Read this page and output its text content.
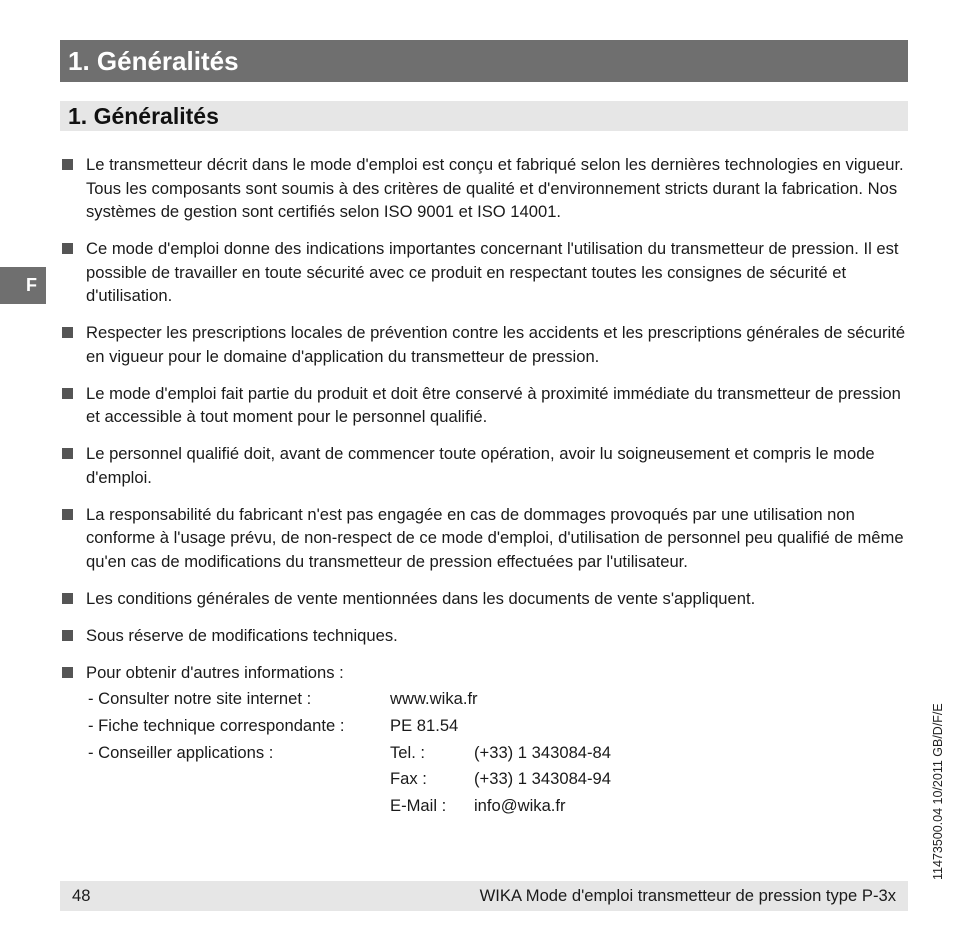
1. Généralités
1. Généralités
F
Le transmetteur décrit dans le mode d'emploi est conçu et fabriqué selon les dernières technologies en vigueur. Tous les composants sont soumis à des critères de qualité et d'environnement stricts durant la fabrication. Nos systèmes de gestion sont certifiés selon ISO 9001 et ISO 14001.
Ce mode d'emploi donne des indications importantes concernant l'utilisation du transmetteur de pression. Il est possible de travailler en toute sécurité avec ce produit en respectant toutes les consignes de sécurité et d'utilisation.
Respecter les prescriptions locales de prévention contre les accidents et les prescriptions générales de sécurité en vigueur pour le domaine d'application du transmetteur de pression.
Le mode d'emploi fait partie du produit et doit être conservé à proximité immédiate du transmetteur de pression et accessible à tout moment pour le personnel qualifié.
Le personnel qualifié doit, avant de commencer toute opération, avoir lu soigneusement et compris le mode d'emploi.
La responsabilité du fabricant n'est pas engagée en cas de dommages provoqués par une utilisation non conforme à l'usage prévu, de non-respect de ce mode d'emploi, d'utilisation de personnel peu qualifié de même qu'en cas de modifications du transmetteur de pression effectuées par l'utilisateur.
Les conditions générales de vente mentionnées dans les documents de vente s'appliquent.
Sous réserve de modifications techniques.
Pour obtenir d'autres informations :
- Consulter notre site internet :	www.wika.fr
- Fiche technique correspondante :	PE 81.54
- Conseiller applications :	Tel. :	(+33) 1 343084-84
Fax :	(+33) 1 343084-94
E-Mail :	info@wika.fr
48	WIKA Mode d'emploi transmetteur de pression type P-3x
11473500.04 10/2011 GB/D/F/E
